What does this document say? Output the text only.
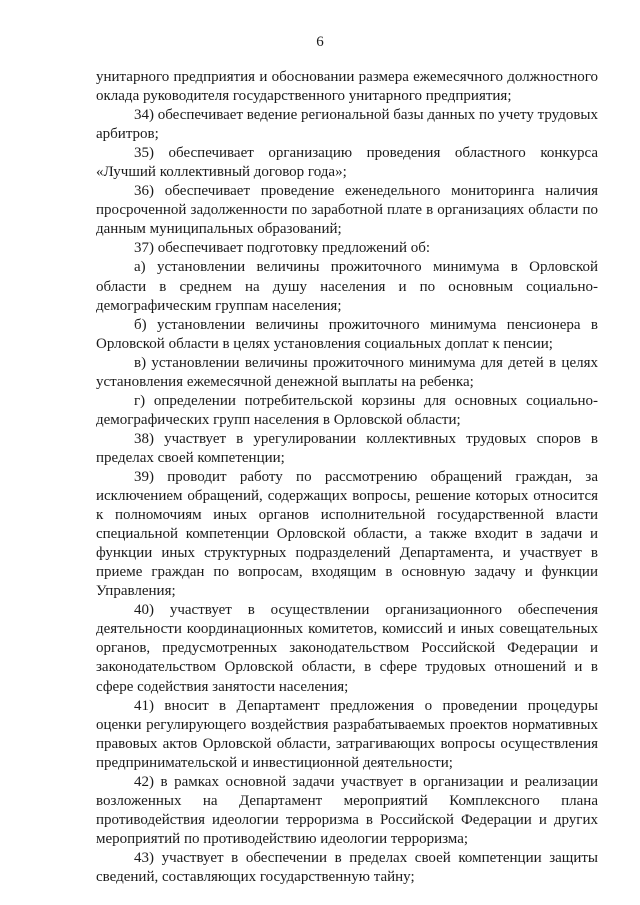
6

унитарного предприятия и обосновании размера ежемесячного должностного оклада руководителя государственного унитарного предприятия;

34) обеспечивает ведение региональной базы данных по учету трудовых арбитров;

35) обеспечивает организацию проведения областного конкурса «Лучший коллективный договор года»;

36) обеспечивает проведение еженедельного мониторинга наличия просроченной задолженности по заработной плате в организациях области по данным муниципальных образований;

37) обеспечивает подготовку предложений об:

а) установлении величины прожиточного минимума в Орловской области в среднем на душу населения и по основным социально-демографическим группам населения;

б) установлении величины прожиточного минимума пенсионера в Орловской области в целях установления социальных доплат к пенсии;

в) установлении величины прожиточного минимума для детей в целях установления ежемесячной денежной выплаты на ребенка;

г) определении потребительской корзины для основных социально-демографических групп населения в Орловской области;

38) участвует в урегулировании коллективных трудовых споров в пределах своей компетенции;

39) проводит работу по рассмотрению обращений граждан, за исключением обращений, содержащих вопросы, решение которых относится к полномочиям иных органов исполнительной государственной власти специальной компетенции Орловской области, а также входит в задачи и функции иных структурных подразделений Департамента, и участвует в приеме граждан по вопросам, входящим в основную задачу и функции Управления;

40) участвует в осуществлении организационного обеспечения деятельности координационных комитетов, комиссий и иных совещательных органов, предусмотренных законодательством Российской Федерации и законодательством Орловской области, в сфере трудовых отношений и в сфере содействия занятости населения;

41) вносит в Департамент предложения о проведении процедуры оценки регулирующего воздействия разрабатываемых проектов нормативных правовых актов Орловской области, затрагивающих вопросы осуществления предпринимательской и инвестиционной деятельности;

42) в рамках основной задачи участвует в организации и реализации возложенных на Департамент мероприятий Комплексного плана противодействия идеологии терроризма в Российской Федерации и других мероприятий по противодействию идеологии терроризма;

43) участвует в обеспечении в пределах своей компетенции защиты сведений, составляющих государственную тайну;
